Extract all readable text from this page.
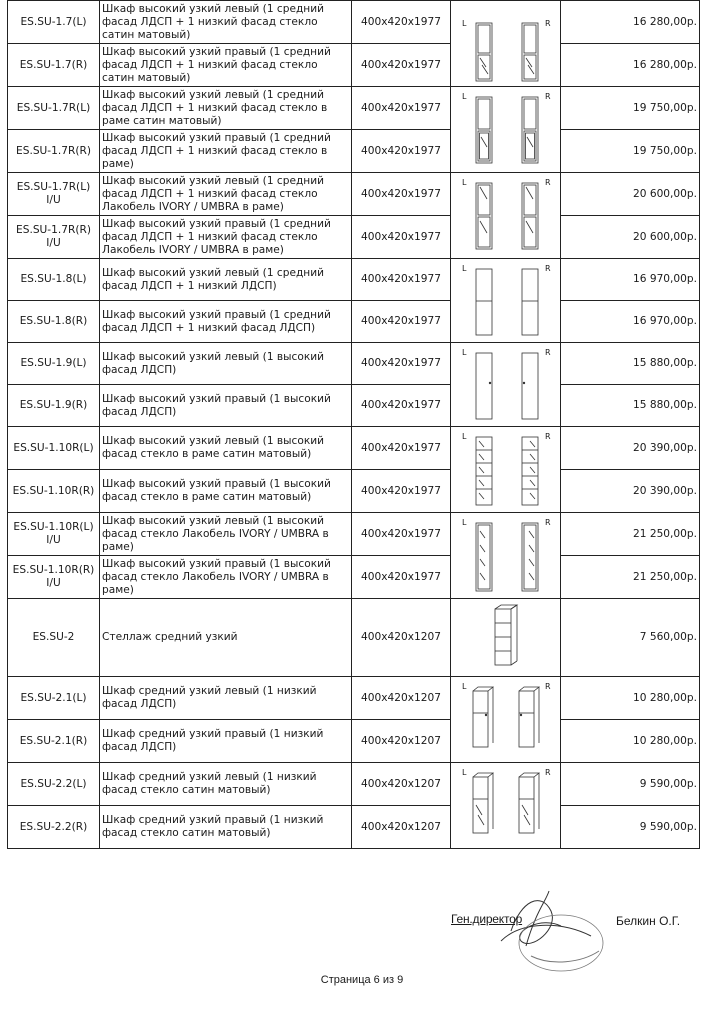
ES.SU-1.7(L)	Шкаф высокий узкий левый (1 средний фасад ЛДСП + 1 низкий фасад стекло сатин матовый)	400x420x1977	L R	16 280,00р.
ES.SU-1.7(R)	Шкаф высокий узкий правый (1 средний фасад ЛДСП + 1 низкий фасад стекло сатин матовый)	400x420x1977		16 280,00р.
ES.SU-1.7R(L)	Шкаф высокий узкий левый (1 средний фасад ЛДСП + 1 низкий фасад стекло в раме сатин матовый)	400x420x1977	L R	19 750,00р.
ES.SU-1.7R(R)	Шкаф высокий узкий правый (1 средний фасад ЛДСП + 1 низкий фасад стекло в раме)	400x420x1977		19 750,00р.
ES.SU-1.7R(L) I/U	Шкаф высокий узкий левый (1 средний фасад ЛДСП + 1 низкий фасад стекло Лакобель IVORY / UMBRA в раме)	400x420x1977	L R	20 600,00р.
ES.SU-1.7R(R) I/U	Шкаф высокий узкий правый (1 средний фасад ЛДСП + 1 низкий фасад стекло Лакобель IVORY / UMBRA в раме)	400x420x1977		20 600,00р.
ES.SU-1.8(L)	Шкаф высокий узкий левый (1 средний фасад ЛДСП + 1 низкий ЛДСП)	400x420x1977	L R	16 970,00р.
ES.SU-1.8(R)	Шкаф высокий узкий правый (1 средний фасад ЛДСП + 1 низкий фасад ЛДСП)	400x420x1977		16 970,00р.
ES.SU-1.9(L)	Шкаф высокий узкий левый (1 высокий фасад ЛДСП)	400x420x1977	L R	15 880,00р.
ES.SU-1.9(R)	Шкаф высокий узкий правый (1 высокий фасад ЛДСП)	400x420x1977		15 880,00р.
ES.SU-1.10R(L)	Шкаф высокий узкий левый (1 высокий фасад стекло в раме сатин матовый)	400x420x1977	L R	20 390,00р.
ES.SU-1.10R(R)	Шкаф высокий узкий правый (1 высокий фасад стекло в раме сатин матовый)	400x420x1977		20 390,00р.
ES.SU-1.10R(L) I/U	Шкаф высокий узкий левый (1 высокий фасад стекло Лакобель IVORY / UMBRA в раме)	400x420x1977	L R	21 250,00р.
ES.SU-1.10R(R) I/U	Шкаф высокий узкий правый (1 высокий фасад стекло Лакобель IVORY / UMBRA в раме)	400x420x1977		21 250,00р.
ES.SU-2	Стеллаж средний узкий	400x420x1207		7 560,00р.
ES.SU-2.1(L)	Шкаф средний узкий левый (1 низкий фасад ЛДСП)	400x420x1207	L R	10 280,00р.
ES.SU-2.1(R)	Шкаф средний узкий правый (1 низкий фасад ЛДСП)	400x420x1207		10 280,00р.
ES.SU-2.2(L)	Шкаф средний узкий левый (1 низкий фасад стекло сатин матовый)	400x420x1207	L R	9 590,00р.
ES.SU-2.2(R)	Шкаф средний узкий правый (1 низкий фасад стекло сатин матовый)	400x420x1207		9 590,00р.
Ген.директор	Белкин О.Г.
Страница 6 из 9
